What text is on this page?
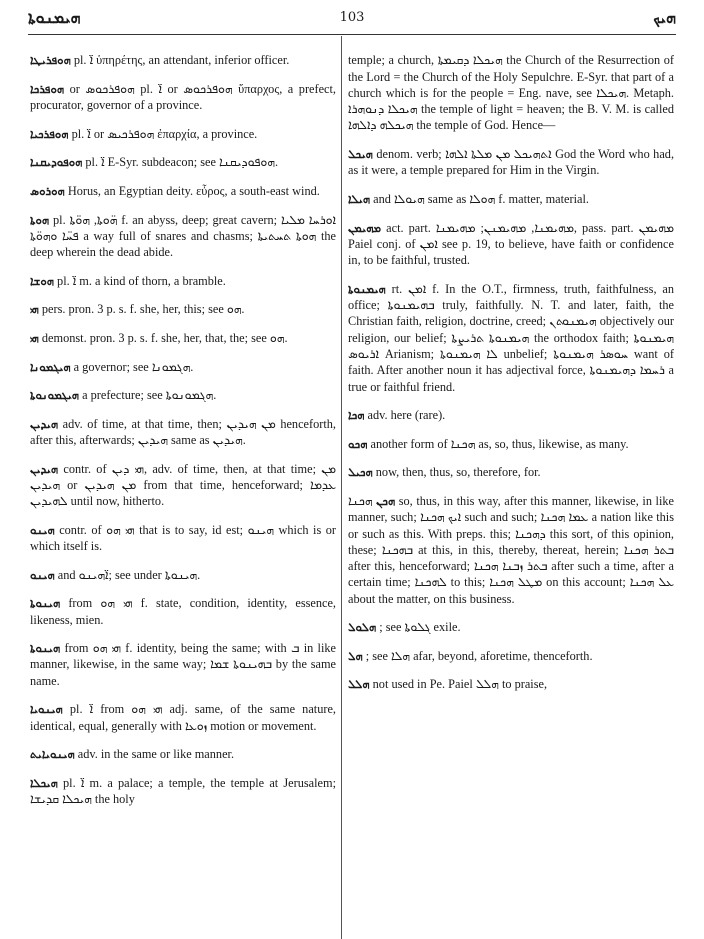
ܗܝܡܢܘܬܐ	103	ܗܝܟ

ܗܘܦܪܝܛܐ pl. ܐ̈ ὑπηρέτης, an attendant, inferior officer.

ܗܘܦܪܟܐ or ܗܘܦܪܟܘܣ pl. ܐ̈ or ܗܘܦܪܟܘܣ ὕπαρχος, a prefect, procurator, governor of a province.

ܗܘܦܪܟܝܐ pl. ܐ̈ or ܗܘܦܪܟܝܣ ἐπαρχία, a province.

ܗܘܦܘܕܝܩܢܐ pl. ܐ̈ E-Syr. subdeacon; see ܗܘܦܘܕܝܩܢܐ.

ܗܘܪܘܣ Horus, an Egyptian deity. εὖρος, a south-east wind.

ܗܘܬܐ pl. ܗ̈ܘܬܐ, ܗܘ̈ܬܐ f. an abyss, deep; great cavern; ܐܘܪܚܐ ܡܠܝܐ ܦܚ̈ܐ ܘܗܘ̈ܬܐ a way full of snares and chasms; ܗܘܬܐ ܬܚܬܝܬܐ the deep wherein the dead abide.

ܗܘܫܐ pl. ܐ̈ m. a kind of thorn, a bramble.

ܗܝ pers. pron. 3 p. s. f. she, her, this; see ܗܘ.

ܗܝ demonst. pron. 3 p. s. f. she, her, that, the; see ܗܘ.

ܗܝܓܡܘܢܐ a governor; see ܗܓܡܘܢܐ.

ܗܝܓܡܘܢܘܬܐ a prefecture; see ܗܓܡܘܢܘܬܐ.

ܗܝܕܝܢ adv. of time, at that time, then; ܡܢ ܗܝܕܝܢ henceforth, after this, afterwards; ܗܝܕܝܢ same as ܗܝܕܝܢ.

ܗܝܕܝܢ contr. of ܗܝ ܕܝܢ, adv. of time, then, at that time; ܡܢ ܗܝܕܝܢ or ܡܢ ܗܝܕܝܢ from that time, henceforward; ܥܕܡܐ ܠܗܝܕܝܢ until now, hitherto.

ܗܝܢܘ contr. of ܗܝ ܗܘ that is to say, id est; ܗܝܢܘ which is or which itself is.

ܗܝܢܘ and ܐ̈ܗܝܢܘ; see under ܗܝܢܘܬܐ.

ܗܝܢܘܬܐ from ܗܝ ܗܘ f. state, condition, identity, essence, likeness, mien.

ܗܝܢܘܬܐ from ܗܝ ܗܘ f. identity, being the same; with ܒ in like manner, likewise, in the same way; ܒܗܝܢܘܬܐ ܫܡܐ by the same name.

ܗܝܢܘܝܐ pl. ܐ̈ from ܗܝ ܗܘ adj. same, of the same nature, identical, equal, generally with ܙܘܥܐ motion or movement.

ܗܝܢܘܝܐܝܬ adv. in the same or like manner.

ܗܝܟܠܐ pl. ܐ̈ m. a palace; a temple, the temple at Jerusalem; ܗܝܟܠܐ ܩܕܝܫܐ the holy

temple; a church, ܗܝܟܠܐ ܕܩܝܡܬܐ the Church of the Resurrection of the Lord = the Church of the Holy Sepulchre. E-Syr. that part of a church which is for the people = Eng. nave, see ܗܝܟܠܐ. Metaph. ܗܝܟܠܐ ܕܢܘܗܪܐ the temple of light = heaven; the B. V. M. is called ܗܝܟܠܗ ܕܐܠܗܐ the temple of God. Hence—

ܗܝܟܠ denom. verb; ܐܬܗܝܟܠ ܡܢ ܡܠܬܐ ܐܠܗܐ God the Word who had, as it were, a temple prepared for Him in the Virgin.

ܗܝܠܐ and ܗܝܘܠܐ same as ܗܘܠܐ f. matter, material.

ܡܗܝܡܢ act. part. ܡܗܝܡܢܐ, ܡܗܝܡܢܢ; ܡܗܝܡܢܐ, pass. part. ܡܗܝܡܢ Paiel conj. of ܐܡܢ see p. 19, to believe, have faith or confidence in, to be faithful, trusted.

ܗܝܡܢܘܬܐ rt. ܐܡܢ f. In the O.T., firmness, truth, faithfulness, an office; ܒܗܝܡܢܘܬܐ truly, faithfully. N. T. and later, faith, the Christian faith, religion, doctrine, creed; ܗܝܡܢܘܬܢ objectively our religion, our belief; ܗܝܡܢܘܬܐ ܬܪܝܨܬܐ the orthodox faith; ܗܝܡܢܘܬܐ ܐܪܝܘܣ Arianism; ܠܐ ܗܝܡܢܘܬܐ unbelief; ܚܘܣܪ ܗܝܡܢܘܬܐ want of faith. After another noun it has adjectival force, ܪܚܡܐ ܕܗܝܡܢܘܬܐ a true or faithful friend.

ܗܟܐ adv. here (rare).

ܗܟܘ another form of ܗܟܢܐ as, so, thus, likewise, as many.

ܗܟܝܠ now, then, thus, so, therefore, for.

ܗܟܢ ܗܟܢܐ so, thus, in this way, after this manner, likewise, in like manner, such; ܐܝܟ ܗܟܢܐ such and such; ܥܡܐ ܗܟܢܐ a nation like this or such as this. With preps. this; ܕܗܟܢܐ this sort, of this opinion, these; ܒܗܟܢܐ at this, in this, thereby, thereat, herein; ܒܬܪ ܗܟܢܐ after this, henceforward; ܒܬܪ ܙܒܢܐ ܗܟܢܐ after such a time, after a certain time; ܠܗܟܢܐ to this; ܡܛܠ ܗܟܢܐ on this account; ܥܠ ܗܟܢܐ about the matter, on this business.

ܗܠܘܠ ; see ܓܠܘܬܐ exile.

ܗܠ ; see ܗܠܐ afar, beyond, aforetime, thenceforth.

ܗܠܠ not used in Pe. Paiel ܗܠܠ to praise,
